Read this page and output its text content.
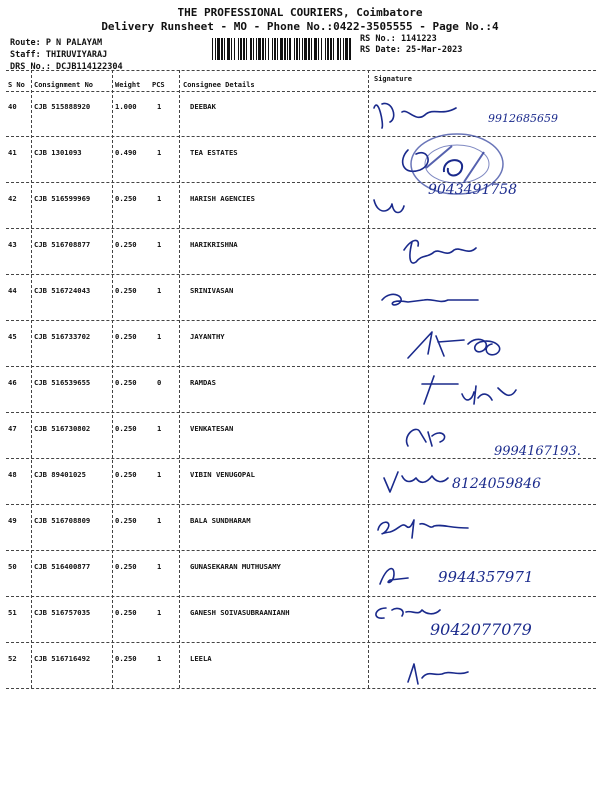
THE PROFESSIONAL COURIERS, Coimbatore
Delivery Runsheet - MO - Phone No.:0422-3505555 - Page No.:4
Route: P N PALAYAM
Staff: THIRUVIYARAJ
DRS No.: DCJB114122304
RS No.: 1141223
RS Date: 25-Mar-2023
S No Consignment No	Weight PCS	Consignee Details
Signature
40 CJB 515888920	1.000	1	DEEBAK
9912685659
41 CJB 1301093	0.490	1	TEA ESTATES
42 CJB 516599969	0.250	1	HARISH AGENCIES
9043491758
43 CJB 516708877	0.250	1	HARIKRISHNA
44 CJB 516724043	0.250	1	SRINIVASAN
45 CJB 516733702	0.250	1	JAYANTHY
46 CJB 516539655	0.250	0	RAMDAS
47 CJB 516730802	0.250	1	VENKATESAN
9994167193.
48 CJB 89401025	0.250	1	VIBIN VENUGOPAL
8124059846
49 CJB 516708809	0.250	1	BALA SUNDHARAM
50 CJB 516400877	0.250	1	GUNASEKARAN MUTHUSAMY
9944357971
51 CJB 516757035	0.250	1	GANESH SOIVASUBRAANIANH
9042077079
52 CJB 516716492	0.250	1	LEELA
